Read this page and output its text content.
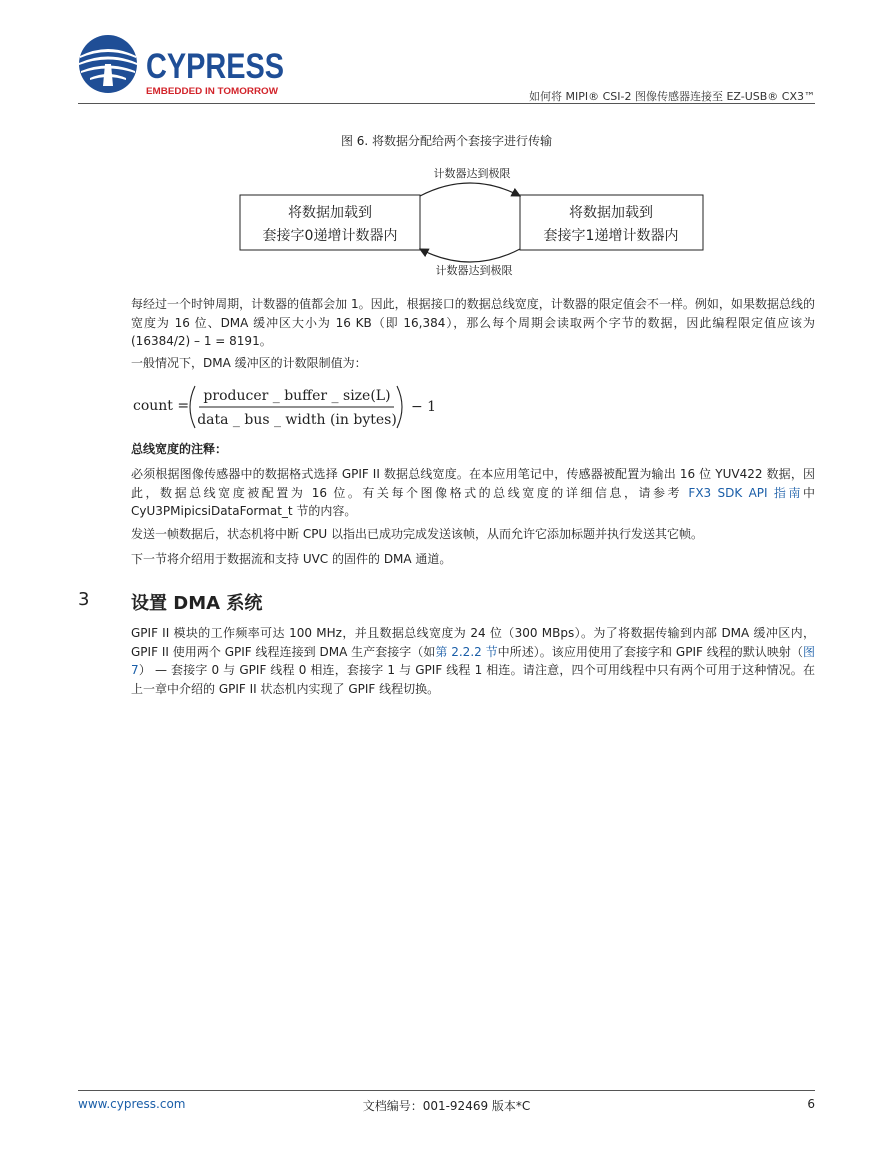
CYPRESS
EMBEDDED IN TOMORROW	如何将 MIPI® CSI-2 图像传感器连接至 EZ-USB® CX3™
图 6. 将数据分配给两个套接字进行传输
将数据加载到
套接字0递增计数器内
将数据加载到
套接字1递增计数器内
计数器达到极限
计数器达到极限

每经过一个时钟周期，计数器的值都会加 1。因此，根据接口的数据总线宽度，计数器的限定值会不一样。例如，如果数据总线的宽度为 16 位、DMA 缓冲区大小为 16 KB（即 16,384），那么每个周期会读取两个字节的数据，因此编程限定值应该为(16384/2) – 1 = 8191。

一般情况下，DMA 缓冲区的计数限制值为：

count =
producer _ buffer _ size(L)
data _ bus _ width (in bytes)
− 1
总线宽度的注释：

必须根据图像传感器中的数据格式选择 GPIF II 数据总线宽度。在本应用笔记中，传感器被配置为输出 16 位 YUV422 数据，因此，数据总线宽度被配置为 16 位。有关每个图像格式的总线宽度的详细信息，请参考 FX3 SDK API 指南中 CyU3PMipicsiDataFormat_t 节的内容。

发送一帧数据后，状态机将中断 CPU 以指出已成功完成发送该帧，从而允许它添加标题并执行发送其它帧。

下一节将介绍用于数据流和支持 UVC 的固件的 DMA 通道。

3 设置 DMA 系统

GPIF II 模块的工作频率可达 100 MHz，并且数据总线宽度为 24 位（300 MBps）。为了将数据传输到内部 DMA 缓冲区内，GPIF II 使用两个 GPIF 线程连接到 DMA 生产套接字（如第 2.2.2 节中所述）。该应用使用了套接字和 GPIF 线程的默认映射（图 7） — 套接字 0 与 GPIF 线程 0 相连，套接字 1 与 GPIF 线程 1 相连。请注意，四个可用线程中只有两个可用于这种情况。在上一章中介绍的 GPIF II 状态机内实现了 GPIF 线程切换。

www.cypress.com	文档编号：001-92469 版本*C	6
